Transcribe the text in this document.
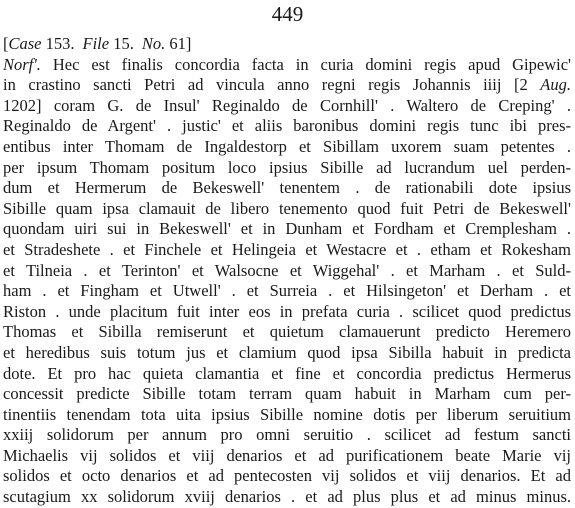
449
[Case 153. File 15. No. 61]
Norf'. Hec est finalis concordia facta in curia domini regis apud Gipewic'
in crastino sancti Petri ad vincula anno regni regis Johannis iiij [2 Aug.
1202] coram G. de Insul' Reginaldo de Cornhill' . Waltero de Creping' .
Reginaldo de Argent' . justic' et aliis baronibus domini regis tunc ibi pres-
entibus inter Thomam de Ingaldestorp et Sibillam uxorem suam petentes .
per ipsum Thomam positum loco ipsius Sibille ad lucrandum uel perden-
dum et Hermerum de Bekeswell' tenentem . de rationabili dote ipsius
Sibille quam ipsa clamauit de libero tenemento quod fuit Petri de Bekeswell'
quondam uiri sui in Bekeswell' et in Dunham et Fordham et Cremplesham .
et Stradeshete . et Finchele et Helingeia et Westacre et . etham et Rokesham
et Tilneia . et Terinton' et Walsocne et Wiggehal' . et Marham . et Suld-
ham . et Fingham et Utwell' . et Surreia . et Hilsingeton' et Derham . et
Riston . unde placitum fuit inter eos in prefata curia . scilicet quod predictus
Thomas et Sibilla remiserunt et quietum clamauerunt predicto Heremero
et heredibus suis totum jus et clamium quod ipsa Sibilla habuit in predicta
dote. Et pro hac quieta clamantia et fine et concordia predictus Hermerus
concessit predicte Sibille totam terram quam habuit in Marham cum per-
tinentiis tenendam tota uita ipsius Sibille nomine dotis per liberum seruitium
xxiij solidorum per annum pro omni seruitio . scilicet ad festum sancti
Michaelis vij solidos et viij denarios et ad purificationem beate Marie vij
solidos et octo denarios et ad pentecosten vij solidos et viij denarios. Et ad
scutagium xx solidorum xviij denarios . et ad plus plus et ad minus minus.
